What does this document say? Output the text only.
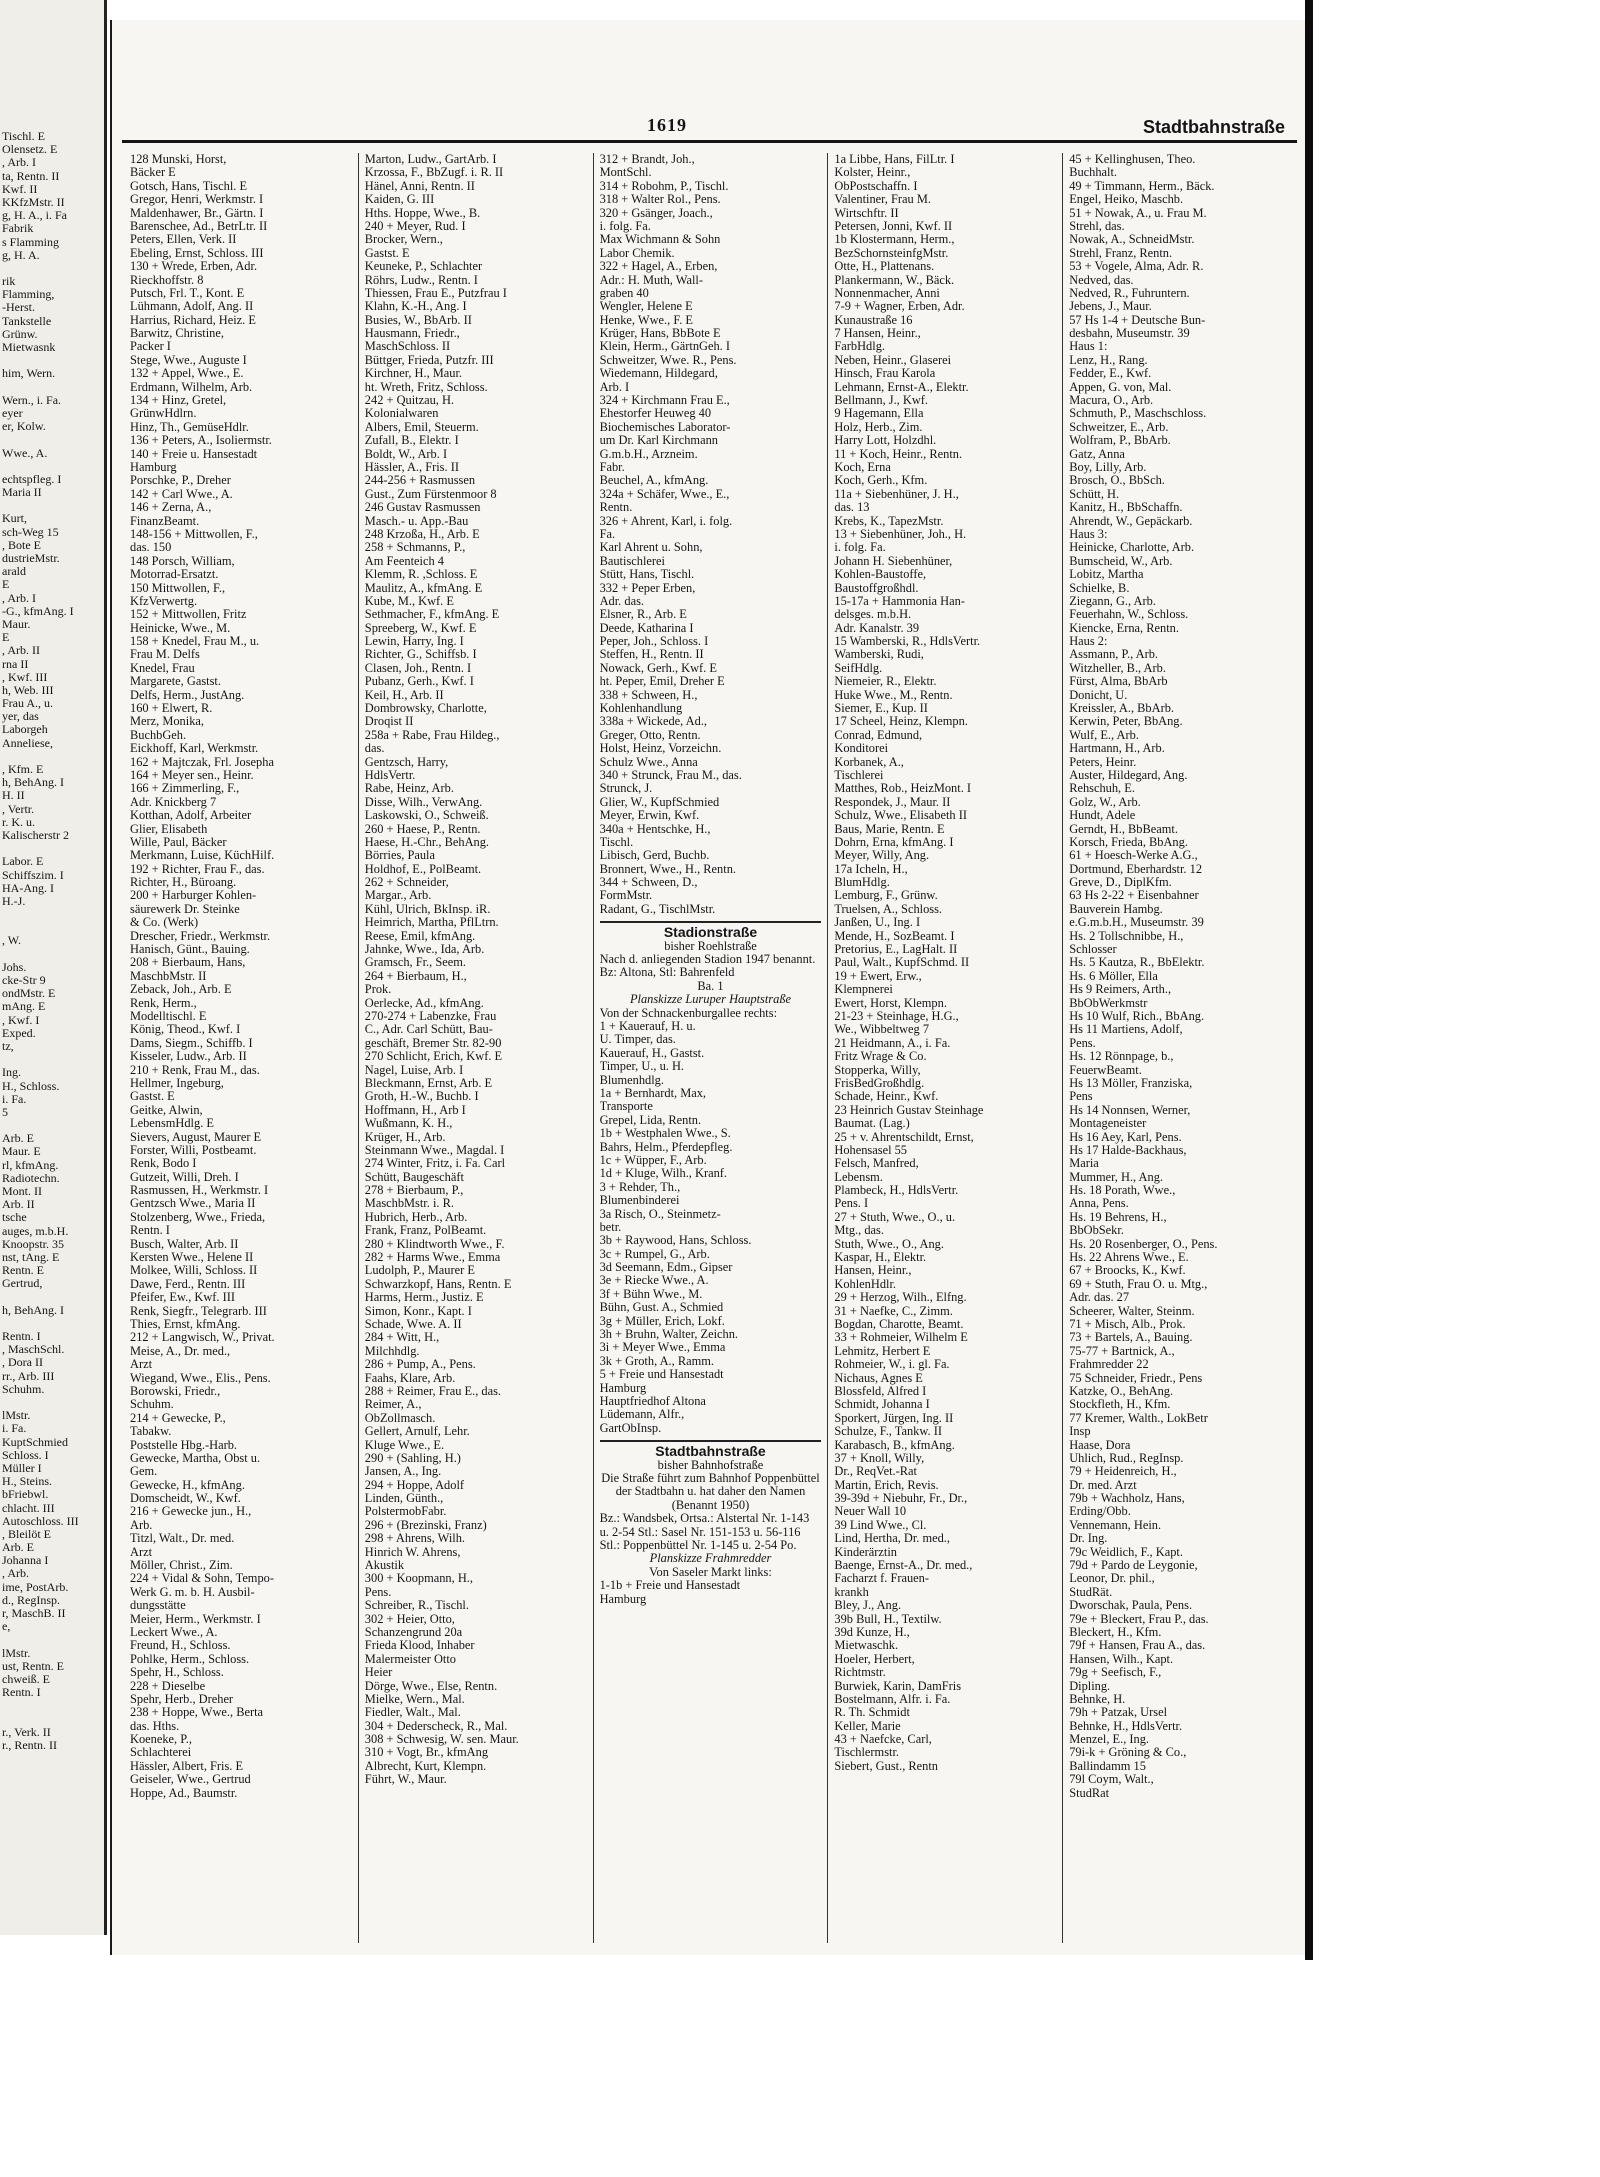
Tischl. E
Olensetz. E
, Arb. I
ta, Rentn. II
Kwf. II
KKfzMstr. II
g, H. A., i. Fa
Fabrik
s Flamming
g, H. A.
rik
Flamming,
-Herst.
Tankstelle
Grünw.
Mietwasnk
him, Wern.
Wern., i. Fa.
eyer
er, Kolw.
Wwe., A.
echtspfleg. I
Maria II
Kurt,
sch-Weg 15
, Bote E
dustrieMstr.
arald
E
, Arb. I
-G., kfmAng. I
Maur.
E
, Arb. II
rna II
, Kwf. III
h, Web. III
Frau A., u.
yer, das
Laborgeh
Anneliese,
, Kfm. E
h, BehAng. I
H. II
, Vertr.
r. K. u.
Kalischerstr 2
Labor. E
Schiffszim. I
HA-Ang. I
H.-J.
, W.
Johs.
cke-Str 9
ondMstr. E
mAng. E
, Kwf. I
Exped.
tz,
Ing.
H., Schloss.
i. Fa.
5
Arb. E
Maur. E
rl, kfmAng.
Radiotechn.
Mont. II
Arb. II
tsche
auges, m.b.H.
Knoopstr. 35
nst, tAng. E
Rentn. E
Gertrud,
h, BehAng. I
Rentn. I
, MaschSchl.
, Dora II
rr., Arb. III
Schuhm.
lMstr.
i. Fa.
KuptSchmied
Schloss. I
Müller I
H., Steins.
bFriebwl.
chlacht. III
Autoschloss. III
, Bleilöt E
Arb. E
Johanna I
, Arb.
ime, PostArb.
d., RegInsp.
r, MaschB. II
e,
lMstr.
ust, Rentn. E
chweiß. E
Rentn. I
r., Verk. II
r., Rentn. II
1619	Stadtbahnstraße
128 Munski, Horst,
Bäcker E
Gotsch, Hans, Tischl. E
Gregor, Henri, Werkmstr. I
Maldenhawer, Br., Gärtn. I
Barenschee, Ad., BetrLtr. II
Peters, Ellen, Verk. II
Ebeling, Ernst, Schloss. III
130 + Wrede, Erben, Adr.
Rieckhoffstr. 8
Putsch, Frl. T., Kont. E
Lühmann, Adolf, Ang. II
Harrius, Richard, Heiz. E
Barwitz, Christine,
Packer I
Stege, Wwe., Auguste I
132 + Appel, Wwe., E.
Erdmann, Wilhelm, Arb.
134 + Hinz, Gretel,
GrünwHdlrn.
Hinz, Th., GemüseHdlr.
136 + Peters, A., Isoliermstr.
140 + Freie u. Hansestadt
Hamburg
Porschke, P., Dreher
142 + Carl Wwe., A.
146 + Zerna, A.,
FinanzBeamt.
148-156 + Mittwollen, F.,
das. 150
148 Porsch, William,
Motorrad-Ersatzt.
150 Mittwollen, F.,
KfzVerwertg.
152 + Mittwollen, Fritz
Heinicke, Wwe., M.
158 + Knedel, Frau M., u.
Frau M. Delfs
Knedel, Frau
Margarete, Gastst.
Delfs, Herm., JustAng.
160 + Elwert, R.
Merz, Monika,
BuchbGeh.
Eickhoff, Karl, Werkmstr.
162 + Majtczak, Frl. Josepha
164 + Meyer sen., Heinr.
166 + Zimmerling, F.,
Adr. Knickberg 7
Kotthan, Adolf, Arbeiter
Glier, Elisabeth
Wille, Paul, Bäcker
Merkmann, Luise, KüchHilf.
192 + Richter, Frau F., das.
Richter, H., Büroang.
200 + Harburger Kohlen-
säurewerk Dr. Steinke
& Co. (Werk)
Drescher, Friedr., Werkmstr.
Hanisch, Günt., Bauing.
208 + Bierbaum, Hans,
MaschbMstr. II
Zeback, Joh., Arb. E
Renk, Herm.,
Modelltischl. E
König, Theod., Kwf. I
Dams, Siegm., Schiffb. I
Kisseler, Ludw., Arb. II
210 + Renk, Frau M., das.
Hellmer, Ingeburg,
Gastst. E
Geitke, Alwin,
LebensmHdlg. E
Sievers, August, Maurer E
Forster, Willi, Postbeamt.
Renk, Bodo I
Gutzeit, Willi, Dreh. I
Rasmussen, H., Werkmstr. I
Gentzsch Wwe., Maria II
Stolzenberg, Wwe., Frieda,
Rentn. I
Busch, Walter, Arb. II
Kersten Wwe., Helene II
Molkee, Willi, Schloss. II
Dawe, Ferd., Rentn. III
Pfeifer, Ew., Kwf. III
Renk, Siegfr., Telegrarb. III
Thies, Ernst, kfmAng.
212 + Langwisch, W., Privat.
Meise, A., Dr. med.,
Arzt
Wiegand, Wwe., Elis., Pens.
Borowski, Friedr.,
Schuhm.
214 + Gewecke, P.,
Tabakw.
Poststelle Hbg.-Harb.
Gewecke, Martha, Obst u.
Gem.
Gewecke, H., kfmAng.
Domscheidt, W., Kwf.
216 + Gewecke jun., H.,
Arb.
Titzl, Walt., Dr. med.
Arzt
Möller, Christ., Zim.
224 + Vidal & Sohn, Tempo-
Werk G. m. b. H. Ausbil-
dungsstätte
Meier, Herm., Werkmstr. I
Leckert Wwe., A.
Freund, H., Schloss.
Pohlke, Herm., Schloss.
Spehr, H., Schloss.
228 + Dieselbe
Spehr, Herb., Dreher
238 + Hoppe, Wwe., Berta
das. Hths.
Koeneke, P.,
Schlachterei
Hässler, Albert, Fris. E
Geiseler, Wwe., Gertrud
Hoppe, Ad., Baumstr.
Marton, Ludw., GartArb. I
Krzossa, F., BbZugf. i. R. II
Hänel, Anni, Rentn. II
Kaiden, G. III
Hths. Hoppe, Wwe., B.
240 + Meyer, Rud. I
Brocker, Wern.,
Gastst. E
Keuneke, P., Schlachter
Röhrs, Ludw., Rentn. I
Thiessen, Frau E., Putzfrau I
Klahn, K.-H., Ang. I
Busies, W., BbArb. II
Hausmann, Friedr.,
MaschSchloss. II
Büttger, Frieda, Putzfr. III
Kirchner, H., Maur.
ht. Wreth, Fritz, Schloss.
242 + Quitzau, H.
Kolonialwaren
Albers, Emil, Steuerm.
Zufall, B., Elektr. I
Boldt, W., Arb. I
Hässler, A., Fris. II
244-256 + Rasmussen
Gust., Zum Fürstenmoor 8
246 Gustav Rasmussen
Masch.- u. App.-Bau
248 Krzoßa, H., Arb. E
258 + Schmanns, P.,
Am Feenteich 4
Klemm, R. ,Schloss. E
Maulitz, A., kfmAng. E
Kube, M., Kwf. E
Sethmacher, F., kfmAng. E
Spreeberg, W., Kwf. E
Lewin, Harry, Ing. I
Richter, G., Schiffsb. I
Clasen, Joh., Rentn. I
Pubanz, Gerh., Kwf. I
Keil, H., Arb. II
Dombrowsky, Charlotte,
Droqist II
258a + Rabe, Frau Hildeg.,
das.
Gentzsch, Harry,
HdlsVertr.
Rabe, Heinz, Arb.
Disse, Wilh., VerwAng.
Laskowski, O., Schweiß.
260 + Haese, P., Rentn.
Haese, H.-Chr., BehAng.
Börries, Paula
Holdhof, E., PolBeamt.
262 + Schneider,
Margar., Arb.
Kühl, Ulrich, BkInsp. iR.
Heimrich, Martha, PflLtrn.
Reese, Emil, kfmAng.
Jahnke, Wwe., Ida, Arb.
Gramsch, Fr., Seem.
264 + Bierbaum, H.,
Prok.
Oerlecke, Ad., kfmAng.
270-274 + Labenzke, Frau
C., Adr. Carl Schütt, Bau-
geschäft, Bremer Str. 82-90
270 Schlicht, Erich, Kwf. E
Nagel, Luise, Arb. I
Bleckmann, Ernst, Arb. E
Groth, H.-W., Buchb. I
Hoffmann, H., Arb I
Wußmann, K. H.,
Krüger, H., Arb.
Steinmann Wwe., Magdal. I
274 Winter, Fritz, i. Fa. Carl
Schütt, Baugeschäft
278 + Bierbaum, P.,
MaschbMstr. i. R.
Hubrich, Herb., Arb.
Frank, Franz, PolBeamt.
280 + Klindtworth Wwe., F.
282 + Harms Wwe., Emma
Ludolph, P., Maurer E
Schwarzkopf, Hans, Rentn. E
Harms, Herm., Justiz. E
Simon, Konr., Kapt. I
Schade, Wwe. A. II
284 + Witt, H.,
Milchhdlg.
286 + Pump, A., Pens.
Faahs, Klare, Arb.
288 + Reimer, Frau E., das.
Reimer, A.,
ObZollmasch.
Gellert, Arnulf, Lehr.
Kluge Wwe., E.
290 + (Sahling, H.)
Jansen, A., Ing.
294 + Hoppe, Adolf
Linden, Günth.,
PolstermobFabr.
296 + (Brezinski, Franz)
298 + Ahrens, Wilh.
Hinrich W. Ahrens,
Akustik
300 + Koopmann, H.,
Pens.
Schreiber, R., Tischl.
302 + Heier, Otto,
Schanzengrund 20a
Frieda Klood, Inhaber
Malermeister Otto
Heier
Dörge, Wwe., Else, Rentn.
Mielke, Wern., Mal.
Fiedler, Walt., Mal.
304 + Dederscheck, R., Mal.
308 + Schwesig, W. sen. Maur.
310 + Vogt, Br., kfmAng
Albrecht, Kurt, Klempn.
Führt, W., Maur.
312 + Brandt, Joh.,
MontSchl.
314 + Robohm, P., Tischl.
318 + Walter Rol., Pens.
320 + Gsänger, Joach.,
i. folg. Fa.
Max Wichmann & Sohn
Labor Chemik.
322 + Hagel, A., Erben,
Adr.: H. Muth, Wall-
graben 40
Wengler, Helene E
Henke, Wwe., F. E
Krüger, Hans, BbBote E
Klein, Herm., GärtnGeh. I
Schweitzer, Wwe. R., Pens.
Wiedemann, Hildegard,
Arb. I
324 + Kirchmann Frau E.,
Ehestorfer Heuweg 40
Biochemisches Laborator-
um Dr. Karl Kirchmann
G.m.b.H., Arzneim.
Fabr.
Beuchel, A., kfmAng.
324a + Schäfer, Wwe., E.,
Rentn.
326 + Ahrent, Karl, i. folg.
Fa.
Karl Ahrent u. Sohn,
Bautischlerei
Stütt, Hans, Tischl.
332 + Peper Erben,
Adr. das.
Elsner, R., Arb. E
Deede, Katharina I
Peper, Joh., Schloss. I
Steffen, H., Rentn. II
Nowack, Gerh., Kwf. E
ht. Peper, Emil, Dreher E
338 + Schween, H.,
Kohlenhandlung
338a + Wickede, Ad.,
Greger, Otto, Rentn.
Holst, Heinz, Vorzeichn.
Schulz Wwe., Anna
340 + Strunck, Frau M., das.
Strunck, J.
Glier, W., KupfSchmied
Meyer, Erwin, Kwf.
340a + Hentschke, H.,
Tischl.
Libisch, Gerd, Buchb.
Bronnert, Wwe., H., Rentn.
344 + Schween, D.,
FormMstr.
Radant, G., TischlMstr.
Stadionstraße
bisher Roehlstraße
Nach d. anliegenden Stadion 1947 benannt.
Bz: Altona, Stl: Bahrenfeld
Ba. 1
Planskizze Luruper Hauptstraße
Von der Schnackenburgallee rechts:
1 + Kauerauf, H. u.
U. Timper, das.
Kauerauf, H., Gastst.
Timper, U., u. H.
Blumenhdlg.
1a + Bernhardt, Max,
Transporte
Grepel, Lida, Rentn.
1b + Westphalen Wwe., S.
Bahrs, Helm., Pferdepfleg.
1c + Wüpper, F., Arb.
1d + Kluge, Wilh., Kranf.
3 + Rehder, Th.,
Blumenbinderei
3a Risch, O., Steinmetz-
betr.
3b + Raywood, Hans, Schloss.
3c + Rumpel, G., Arb.
3d Seemann, Edm., Gipser
3e + Riecke Wwe., A.
3f + Bühn Wwe., M.
Bühn, Gust. A., Schmied
3g + Müller, Erich, Lokf.
3h + Bruhn, Walter, Zeichn.
3i + Meyer Wwe., Emma
3k + Groth, A., Ramm.
5 + Freie und Hansestadt
Hamburg
Hauptfriedhof Altona
Lüdemann, Alfr.,
GartObInsp.
Stadtbahnstraße
bisher Bahnhofstraße
Die Straße führt zum Bahnhof Poppenbüttel der Stadtbahn u. hat daher den Namen (Benannt 1950)
Bz.: Wandsbek, Ortsa.: Alstertal Nr. 1-143 u. 2-54 Stl.: Sasel Nr. 151-153 u. 56-116 Stl.: Poppenbüttel Nr. 1-145 u. 2-54 Po.
Planskizze Frahmredder
Von Saseler Markt links:
1-1b + Freie und Hansestadt
Hamburg
1a Libbe, Hans, FilLtr. I
Kolster, Heinr.,
ObPostschaffn. I
Valentiner, Frau M.
Wirtschftr. II
Petersen, Jonni, Kwf. II
1b Klostermann, Herm.,
BezSchornsteinfgMstr.
Otte, H., Plattenans.
Plankermann, W., Bäck.
Nonnenmacher, Anni
7-9 + Wagner, Erben, Adr.
Kunaustraße 16
7 Hansen, Heinr.,
FarbHdlg.
Neben, Heinr., Glaserei
Hinsch, Frau Karola
Lehmann, Ernst-A., Elektr.
Bellmann, J., Kwf.
9 Hagemann, Ella
Holz, Herb., Zim.
Harry Lott, Holzdhl.
11 + Koch, Heinr., Rentn.
Koch, Erna
Koch, Gerh., Kfm.
11a + Siebenhüner, J. H.,
das. 13
Krebs, K., TapezMstr.
13 + Siebenhüner, Joh., H.
i. folg. Fa.
Johann H. Siebenhüner,
Kohlen-Baustoffe,
Baustoffgroßhdl.
15-17a + Hammonia Han-
delsges. m.b.H.
Adr. Kanalstr. 39
15 Wamberski, R., HdlsVertr.
Wamberski, Rudi,
SeifHdlg.
Niemeier, R., Elektr.
Huke Wwe., M., Rentn.
Siemer, E., Kup. II
17 Scheel, Heinz, Klempn.
Conrad, Edmund,
Konditorei
Korbanek, A.,
Tischlerei
Matthes, Rob., HeizMont. I
Respondek, J., Maur. II
Schulz, Wwe., Elisabeth II
Baus, Marie, Rentn. E
Dohrn, Erna, kfmAng. I
Meyer, Willy, Ang.
17a Icheln, H.,
BlumHdlg.
Lemburg, F., Grünw.
Truelsen, A., Schloss.
Janßen, U., Ing. I
Mende, H., SozBeamt. I
Pretorius, E., LagHalt. II
Paul, Walt., KupfSchmd. II
19 + Ewert, Erw.,
Klempnerei
Ewert, Horst, Klempn.
21-23 + Steinhage, H.G.,
We., Wibbeltweg 7
21 Heidmann, A., i. Fa.
Fritz Wrage & Co.
Stopperka, Willy,
FrisBedGroßhdlg.
Schade, Heinr., Kwf.
23 Heinrich Gustav Steinhage
Baumat. (Lag.)
25 + v. Ahrentschildt, Ernst,
Hohensasel 55
Felsch, Manfred,
Lebensm.
Plambeck, H., HdlsVertr.
Pens. I
27 + Stuth, Wwe., O., u.
Mtg., das.
Stuth, Wwe., O., Ang.
Kaspar, H., Elektr.
Hansen, Heinr.,
KohlenHdlr.
29 + Herzog, Wilh., Elfng.
31 + Naefke, C., Zimm.
Bogdan, Charotte, Beamt.
33 + Rohmeier, Wilhelm E
Lehmitz, Herbert E
Rohmeier, W., i. gl. Fa.
Nichaus, Agnes E
Blossfeld, Alfred I
Schmidt, Johanna I
Sporkert, Jürgen, Ing. II
Schulze, F., Tankw. II
Karabasch, B., kfmAng.
37 + Knoll, Willy,
Dr., ReqVet.-Rat
Martin, Erich, Revis.
39-39d + Niebuhr, Fr., Dr.,
Neuer Wall 10
39 Lind Wwe., Cl.
Lind, Hertha, Dr. med.,
Kinderärztin
Baenge, Ernst-A., Dr. med.,
Facharzt f. Frauen-
krankh
Bley, J., Ang.
39b Bull, H., Textilw.
39d Kunze, H.,
Mietwaschk.
Hoeler, Herbert,
Richtmstr.
Burwiek, Karin, DamFris
Bostelmann, Alfr. i. Fa.
R. Th. Schmidt
Keller, Marie
43 + Naefcke, Carl,
Tischlermstr.
Siebert, Gust., Rentn
45 + Kellinghusen, Theo.
Buchhalt.
49 + Timmann, Herm., Bäck.
Engel, Heiko, Maschb.
51 + Nowak, A., u. Frau M.
Strehl, das.
Nowak, A., SchneidMstr.
Strehl, Franz, Rentn.
53 + Vogele, Alma, Adr. R.
Nedved, das.
Nedved, R., Fuhruntern.
Jebens, J., Maur.
57 Hs 1-4 + Deutsche Bun-
desbahn, Museumstr. 39
Haus 1:
Lenz, H., Rang.
Fedder, E., Kwf.
Appen, G. von, Mal.
Macura, O., Arb.
Schmuth, P., Maschschloss.
Schweitzer, E., Arb.
Wolfram, P., BbArb.
Gatz, Anna
Boy, Lilly, Arb.
Brosch, O., BbSch.
Schütt, H.
Kanitz, H., BbSchaffn.
Ahrendt, W., Gepäckarb.
Haus 3:
Heinicke, Charlotte, Arb.
Bumscheid, W., Arb.
Lobitz, Martha
Schielke, B.
Ziegann, G., Arb.
Feuerhahn, W., Schloss.
Kiencke, Erna, Rentn.
Haus 2:
Assmann, P., Arb.
Witzheller, B., Arb.
Fürst, Alma, BbArb
Donicht, U.
Kreissler, A., BbArb.
Kerwin, Peter, BbAng.
Wulf, E., Arb.
Hartmann, H., Arb.
Peters, Heinr.
Auster, Hildegard, Ang.
Rehschuh, E.
Golz, W., Arb.
Hundt, Adele
Gerndt, H., BbBeamt.
Korsch, Frieda, BbAng.
61 + Hoesch-Werke A.G.,
Dortmund, Eberhardstr. 12
Greve, D., DiplKfm.
63 Hs 2-22 + Eisenbahner
Bauverein Hambg.
e.G.m.b.H., Museumstr. 39
Hs. 2 Tollschnibbe, H.,
Schlosser
Hs. 5 Kautza, R., BbElektr.
Hs. 6 Möller, Ella
Hs 9 Reimers, Arth.,
BbObWerkmstr
Hs 10 Wulf, Rich., BbAng.
Hs 11 Martiens, Adolf,
Pens.
Hs. 12 Rönnpage, b.,
FeuerwBeamt.
Hs 13 Möller, Franziska,
Pens
Hs 14 Nonnsen, Werner,
Montageneister
Hs 16 Aey, Karl, Pens.
Hs 17 Halde-Backhaus,
Maria
Mummer, H., Ang.
Hs. 18 Porath, Wwe.,
Anna, Pens.
Hs. 19 Behrens, H.,
BbObSekr.
Hs. 20 Rosenberger, O., Pens.
Hs. 22 Ahrens Wwe., E.
67 + Broocks, K., Kwf.
69 + Stuth, Frau O. u. Mtg.,
Adr. das. 27
Scheerer, Walter, Steinm.
71 + Misch, Alb., Prok.
73 + Bartels, A., Bauing.
75-77 + Bartnick, A.,
Frahmredder 22
75 Schneider, Friedr., Pens
Katzke, O., BehAng.
Stockfleth, H., Kfm.
77 Kremer, Walth., LokBetr
Insp
Haase, Dora
Uhlich, Rud., RegInsp.
79 + Heidenreich, H.,
Dr. med. Arzt
79b + Wachholz, Hans,
Erding/Obb.
Vennemann, Hein.
Dr. Ing.
79c Weidlich, F., Kapt.
79d + Pardo de Leygonie,
Leonor, Dr. phil.,
StudRät.
Dworschak, Paula, Pens.
79e + Bleckert, Frau P., das.
Bleckert, H., Kfm.
79f + Hansen, Frau A., das.
Hansen, Wilh., Kapt.
79g + Seefisch, F.,
Dipling.
Behnke, H.
79h + Patzak, Ursel
Behnke, H., HdlsVertr.
Menzel, E., Ing.
79i-k + Gröning & Co.,
Ballindamm 15
79l Coym, Walt.,
StudRat
